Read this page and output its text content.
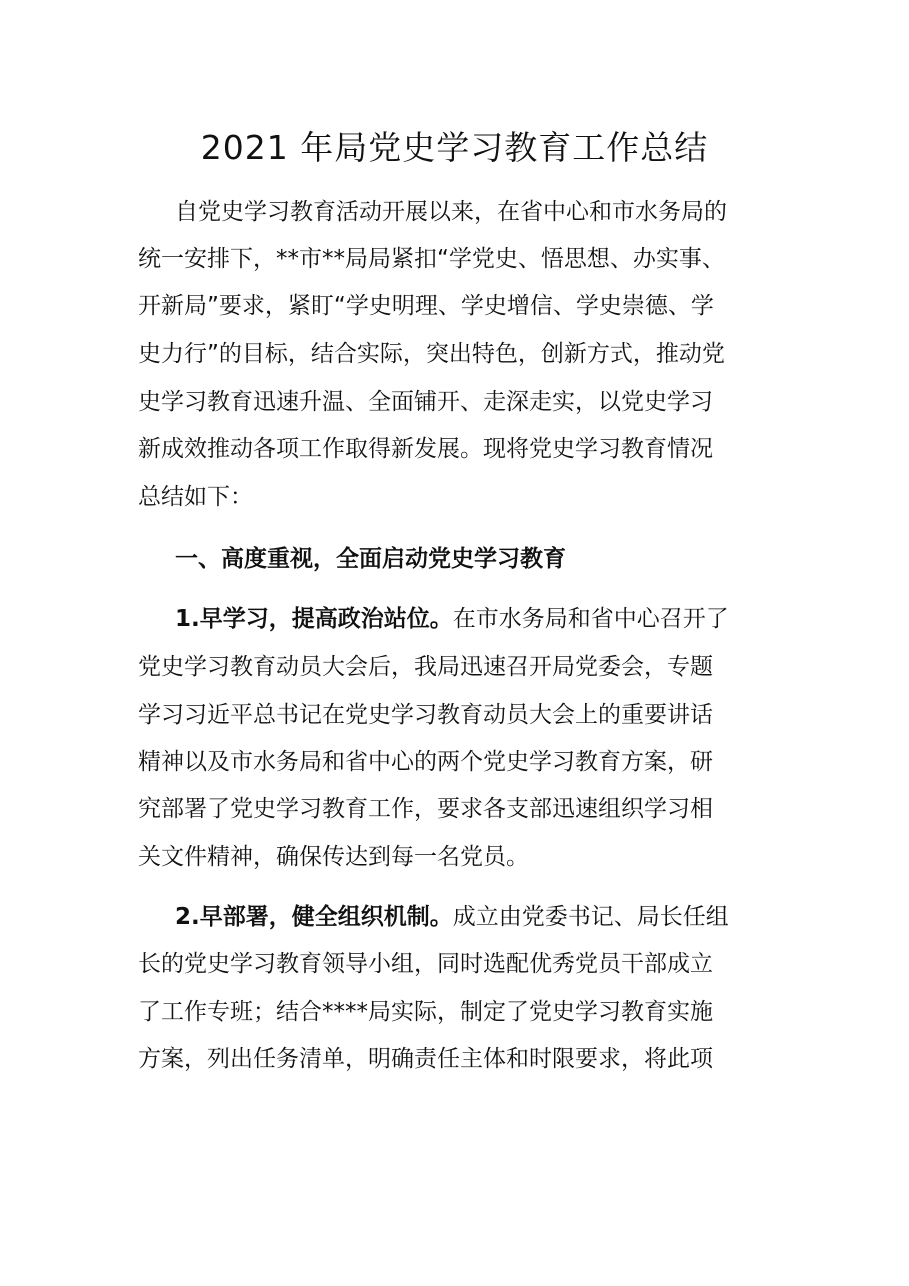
2021 年局党史学习教育工作总结
自党史学习教育活动开展以来，在省中心和市水务局的
统一安排下，**市**局局紧扣“学党史、悟思想、办实事、
开新局”要求，紧盯“学史明理、学史增信、学史崇德、学
史力行”的目标，结合实际，突出特色，创新方式，推动党
史学习教育迅速升温、全面铺开、走深走实，以党史学习
新成效推动各项工作取得新发展。现将党史学习教育情况
总结如下：
一、高度重视，全面启动党史学习教育
1.早学习，提高政治站位。在市水务局和省中心召开了
党史学习教育动员大会后，我局迅速召开局党委会，专题
学习习近平总书记在党史学习教育动员大会上的重要讲话
精神以及市水务局和省中心的两个党史学习教育方案，研
究部署了党史学习教育工作，要求各支部迅速组织学习相
关文件精神，确保传达到每一名党员。
2.早部署，健全组织机制。成立由党委书记、局长任组
长的党史学习教育领导小组，同时选配优秀党员干部成立
了工作专班；结合****局实际，制定了党史学习教育实施
方案，列出任务清单，明确责任主体和时限要求，将此项
